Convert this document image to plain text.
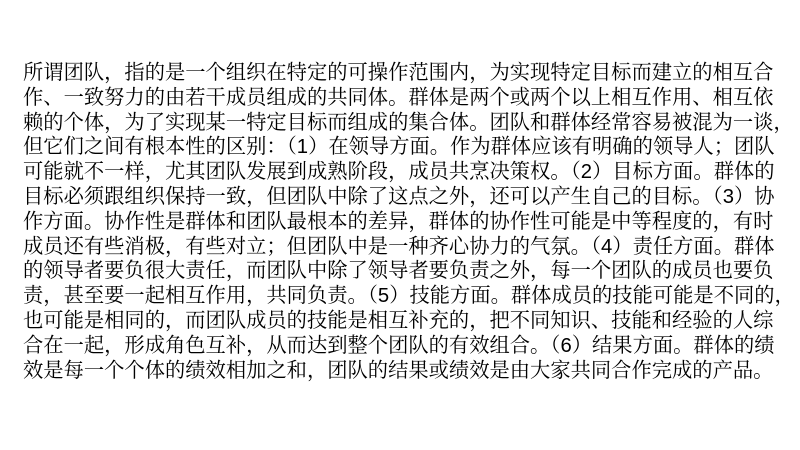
所谓团队，指的是一个组织在特定的可操作范围内，为实现特定目标而建立的相互合
作、一致努力的由若干成员组成的共同体。群体是两个或两个以上相互作用、相互依
赖的个体，为了实现某一特定目标而组成的集合体。团队和群体经常容易被混为一谈，
但它们之间有根本性的区别：（1）在领导方面。作为群体应该有明确的领导人；团队
可能就不一样，尤其团队发展到成熟阶段，成员共烹决策权。（2）目标方面。群体的
目标必须跟组织保持一致，但团队中除了这点之外，还可以产生自己的目标。（3）协
作方面。协作性是群体和团队最根本的差异，群体的协作性可能是中等程度的，有时
成员还有些消极，有些对立；但团队中是一种齐心协力的气氛。（4）责任方面。群体
的领导者要负很大责任，而团队中除了领导者要负责之外，每一个团队的成员也要负
责，甚至要一起相互作用，共同负责。（5）技能方面。群体成员的技能可能是不同的，
也可能是相同的，而团队成员的技能是相互补充的，把不同知识、技能和经验的人综
合在一起，形成角色互补，从而达到整个团队的有效组合。（6）结果方面。群体的绩
效是每一个个体的绩效相加之和，团队的结果或绩效是由大家共同合作完成的产品。
